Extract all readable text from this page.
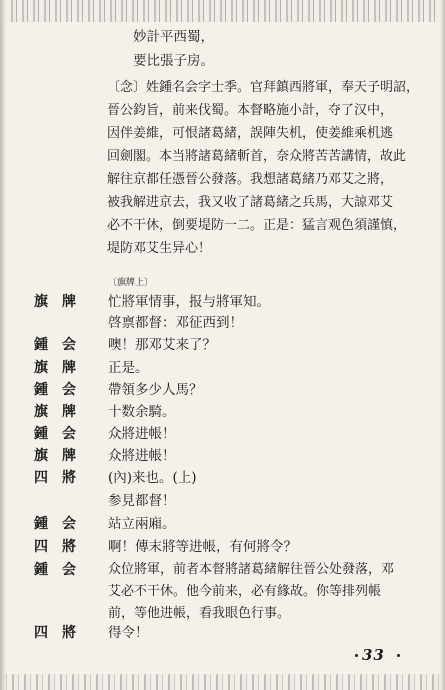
妙計平西蜀，
要比張子房。
〔念〕姓鍾名会字士季。官拜鎮西將軍，奉天子明詔，
晉公鈞旨，前来伐蜀。本督略施小計，夺了汉中，
因伴姜維，可恨諸葛緒，誤陣失机，使姜維乘机逃
回劍閣。本当將諸葛緒斬首，奈众將苦苦講情，故此
解往京都任憑晉公發落。我想諸葛緒乃邓艾之將，
被我解进京去，我又收了諸葛緒之兵馬，大諒邓艾
必不干休，倒要堤防一二。正是：猛言观色須謹慎，
堤防邓艾生异心！
〔旗牌上〕
旗牌 忙將軍情事，报与將軍知。
啓禀都督：邓征西到！
鍾会 噢！那邓艾来了？
旗牌 正是。
鍾会 帶領多少人馬？
旗牌 十数余騎。
鍾会 众將进帳！
旗牌 众將进帳！
四將 (內)来也。(上)
参見都督！
鍾会 站立兩廂。
四將 啊！傳末將等进帳，有何將令？
鍾会 众位將軍，前者本督將諸葛緒解往晉公处發落，邓
艾必不干休。他今前来，必有緣故。你等排列帳
前，等他进帳，看我眼色行事。
四將 得令！
33
